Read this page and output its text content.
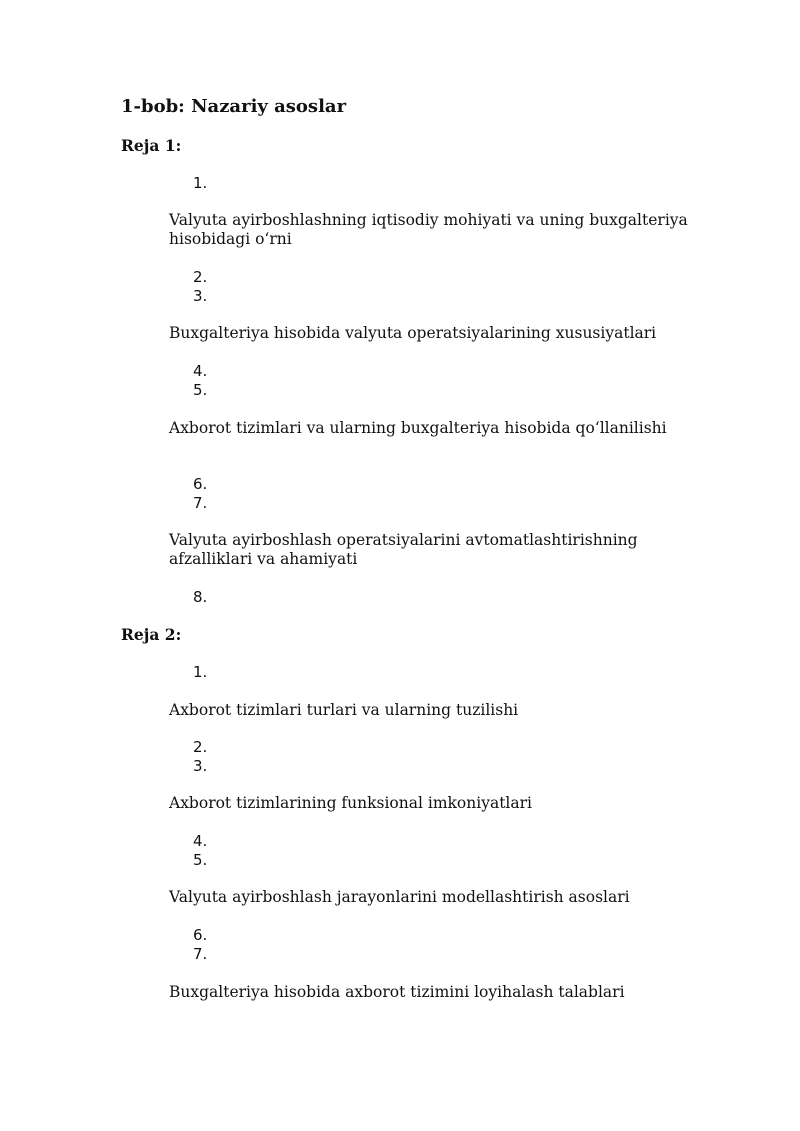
1-bob: Nazariy asoslar
Reja 1:
1.
Valyuta ayirboshlashning iqtisodiy mohiyati va uning buxgalteriya hisobidagi o‘rni
2.
3.
Buxgalteriya hisobida valyuta operatsiyalarining xususiyatlari
4.
5.
Axborot tizimlari va ularning buxgalteriya hisobida qo‘llanilishi
6.
7.
Valyuta ayirboshlash operatsiyalarini avtomatlashtirishning afzalliklari va ahamiyati
8.
Reja 2:
1.
Axborot tizimlari turlari va ularning tuzilishi
2.
3.
Axborot tizimlarining funksional imkoniyatlari
4.
5.
Valyuta ayirboshlash jarayonlarini modellashtirish asoslari
6.
7.
Buxgalteriya hisobida axborot tizimini loyihalash talablari
